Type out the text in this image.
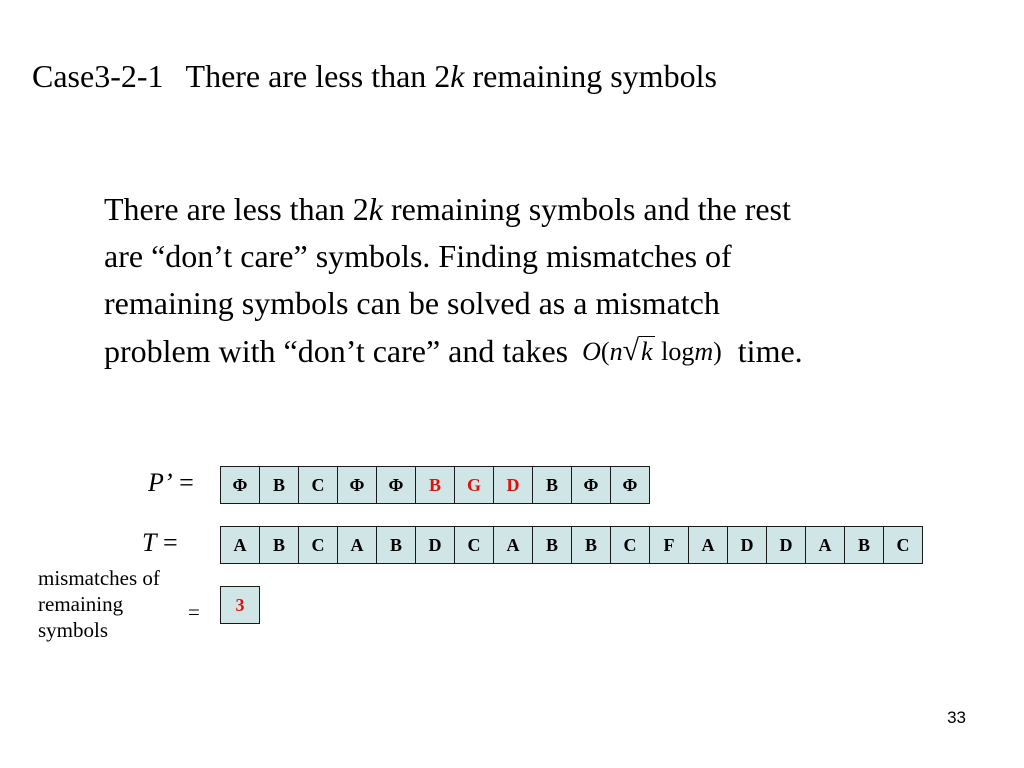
Case3-2-1 There are less than 2k remaining symbols
There are less than 2k remaining symbols and the rest
are “don’t care” symbols. Finding mismatches of
remaining symbols can be solved as a mismatch
problem with “don’t care” and takes O(n√k logm) time.
P’ =	Φ	B	C	Φ	Φ	B	G	D	B	Φ	Φ
T =	A	B	C	A	B	D	C	A	B	B	C	F	A	D	D	A	B	C
mismatches of
remaining
symbols
=	3
33
